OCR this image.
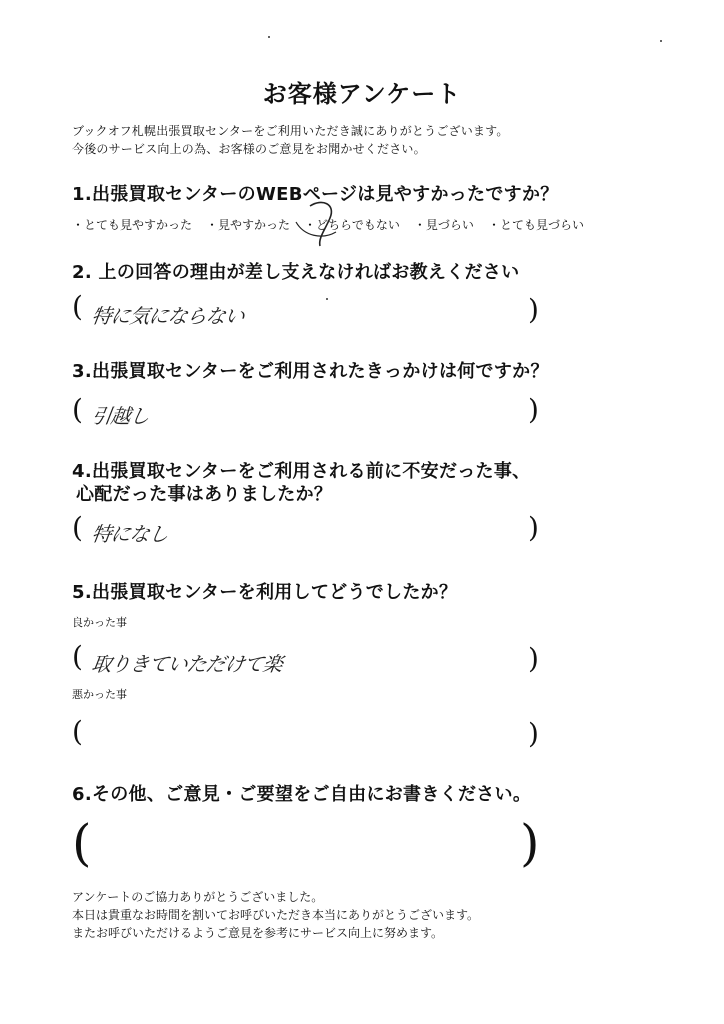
お客様アンケート
ブックオフ札幌出張買取センターをご利用いただき誠にありがとうございます。
今後のサービス向上の為、お客様のご意見をお聞かせください。
1.出張買取センターのWEBページは見やすかったですか？
・とても見やすかった ・見やすかった ・どちらでもない ・見づらい ・とても見づらい
2. 上の回答の理由が差し支えなければお教えください
( 特に気にならない	)
3.出張買取センターをご利用されたきっかけは何ですか？
( 引越し	)
4.出張買取センターをご利用される前に不安だった事、
心配だった事はありましたか？
( 特になし	)
5.出張買取センターを利用してどうでしたか？
良かった事
( 取りきていただけて楽	)
悪かった事
(	)
6.その他、ご意見・ご要望をご自由にお書きください。
(	)
アンケートのご協力ありがとうございました。
本日は貴重なお時間を割いてお呼びいただき本当にありがとうございます。
またお呼びいただけるようご意見を参考にサービス向上に努めます。
